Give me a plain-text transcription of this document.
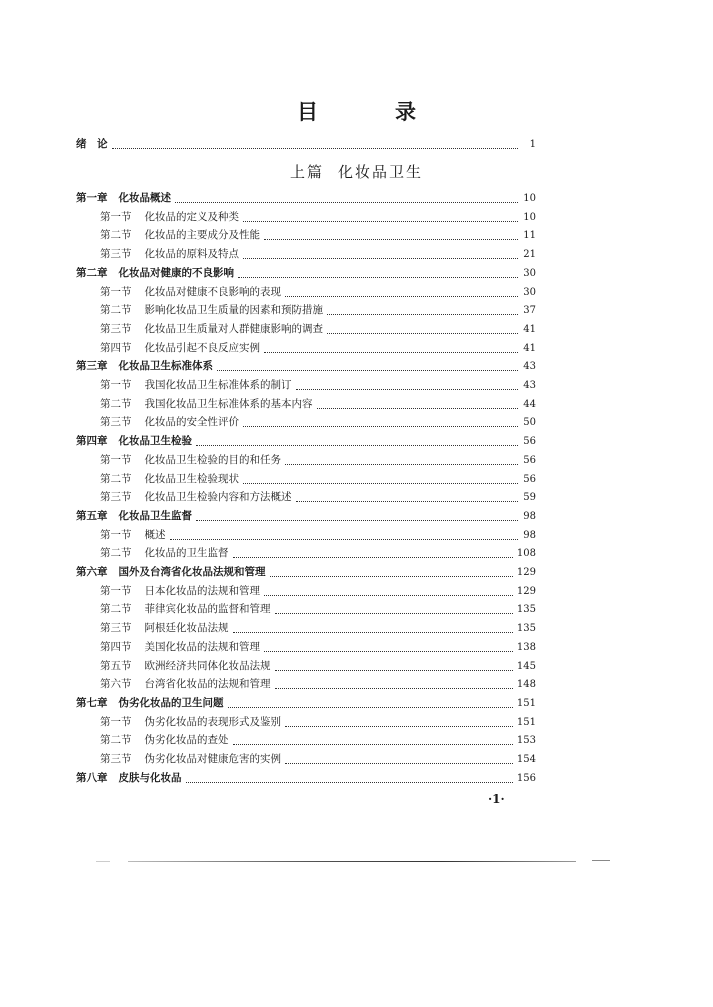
目　录
绪　论	1
上篇 化妆品卫生
第一章 化妆品概述	10
第一节 化妆品的定义及种类	10
第二节 化妆品的主要成分及性能	11
第三节 化妆品的原料及特点	21
第二章 化妆品对健康的不良影响	30
第一节 化妆品对健康不良影响的表现	30
第二节 影响化妆品卫生质量的因素和预防措施	37
第三节 化妆品卫生质量对人群健康影响的调查	41
第四节 化妆品引起不良反应实例	41
第三章 化妆品卫生标准体系	43
第一节 我国化妆品卫生标准体系的制订	43
第二节 我国化妆品卫生标准体系的基本内容	44
第三节 化妆品的安全性评价	50
第四章 化妆品卫生检验	56
第一节 化妆品卫生检验的目的和任务	56
第二节 化妆品卫生检验现状	56
第三节 化妆品卫生检验内容和方法概述	59
第五章 化妆品卫生监督	98
第一节 概述	98
第二节 化妆品的卫生监督	108
第六章 国外及台湾省化妆品法规和管理	129
第一节 日本化妆品的法规和管理	129
第二节 菲律宾化妆品的监督和管理	135
第三节 阿根廷化妆品法规	135
第四节 美国化妆品的法规和管理	138
第五节 欧洲经济共同体化妆品法规	145
第六节 台湾省化妆品的法规和管理	148
第七章 伪劣化妆品的卫生问题	151
第一节 伪劣化妆品的表现形式及鉴别	151
第二节 伪劣化妆品的查处	153
第三节 伪劣化妆品对健康危害的实例	154
第八章 皮肤与化妆品	156
·1·
